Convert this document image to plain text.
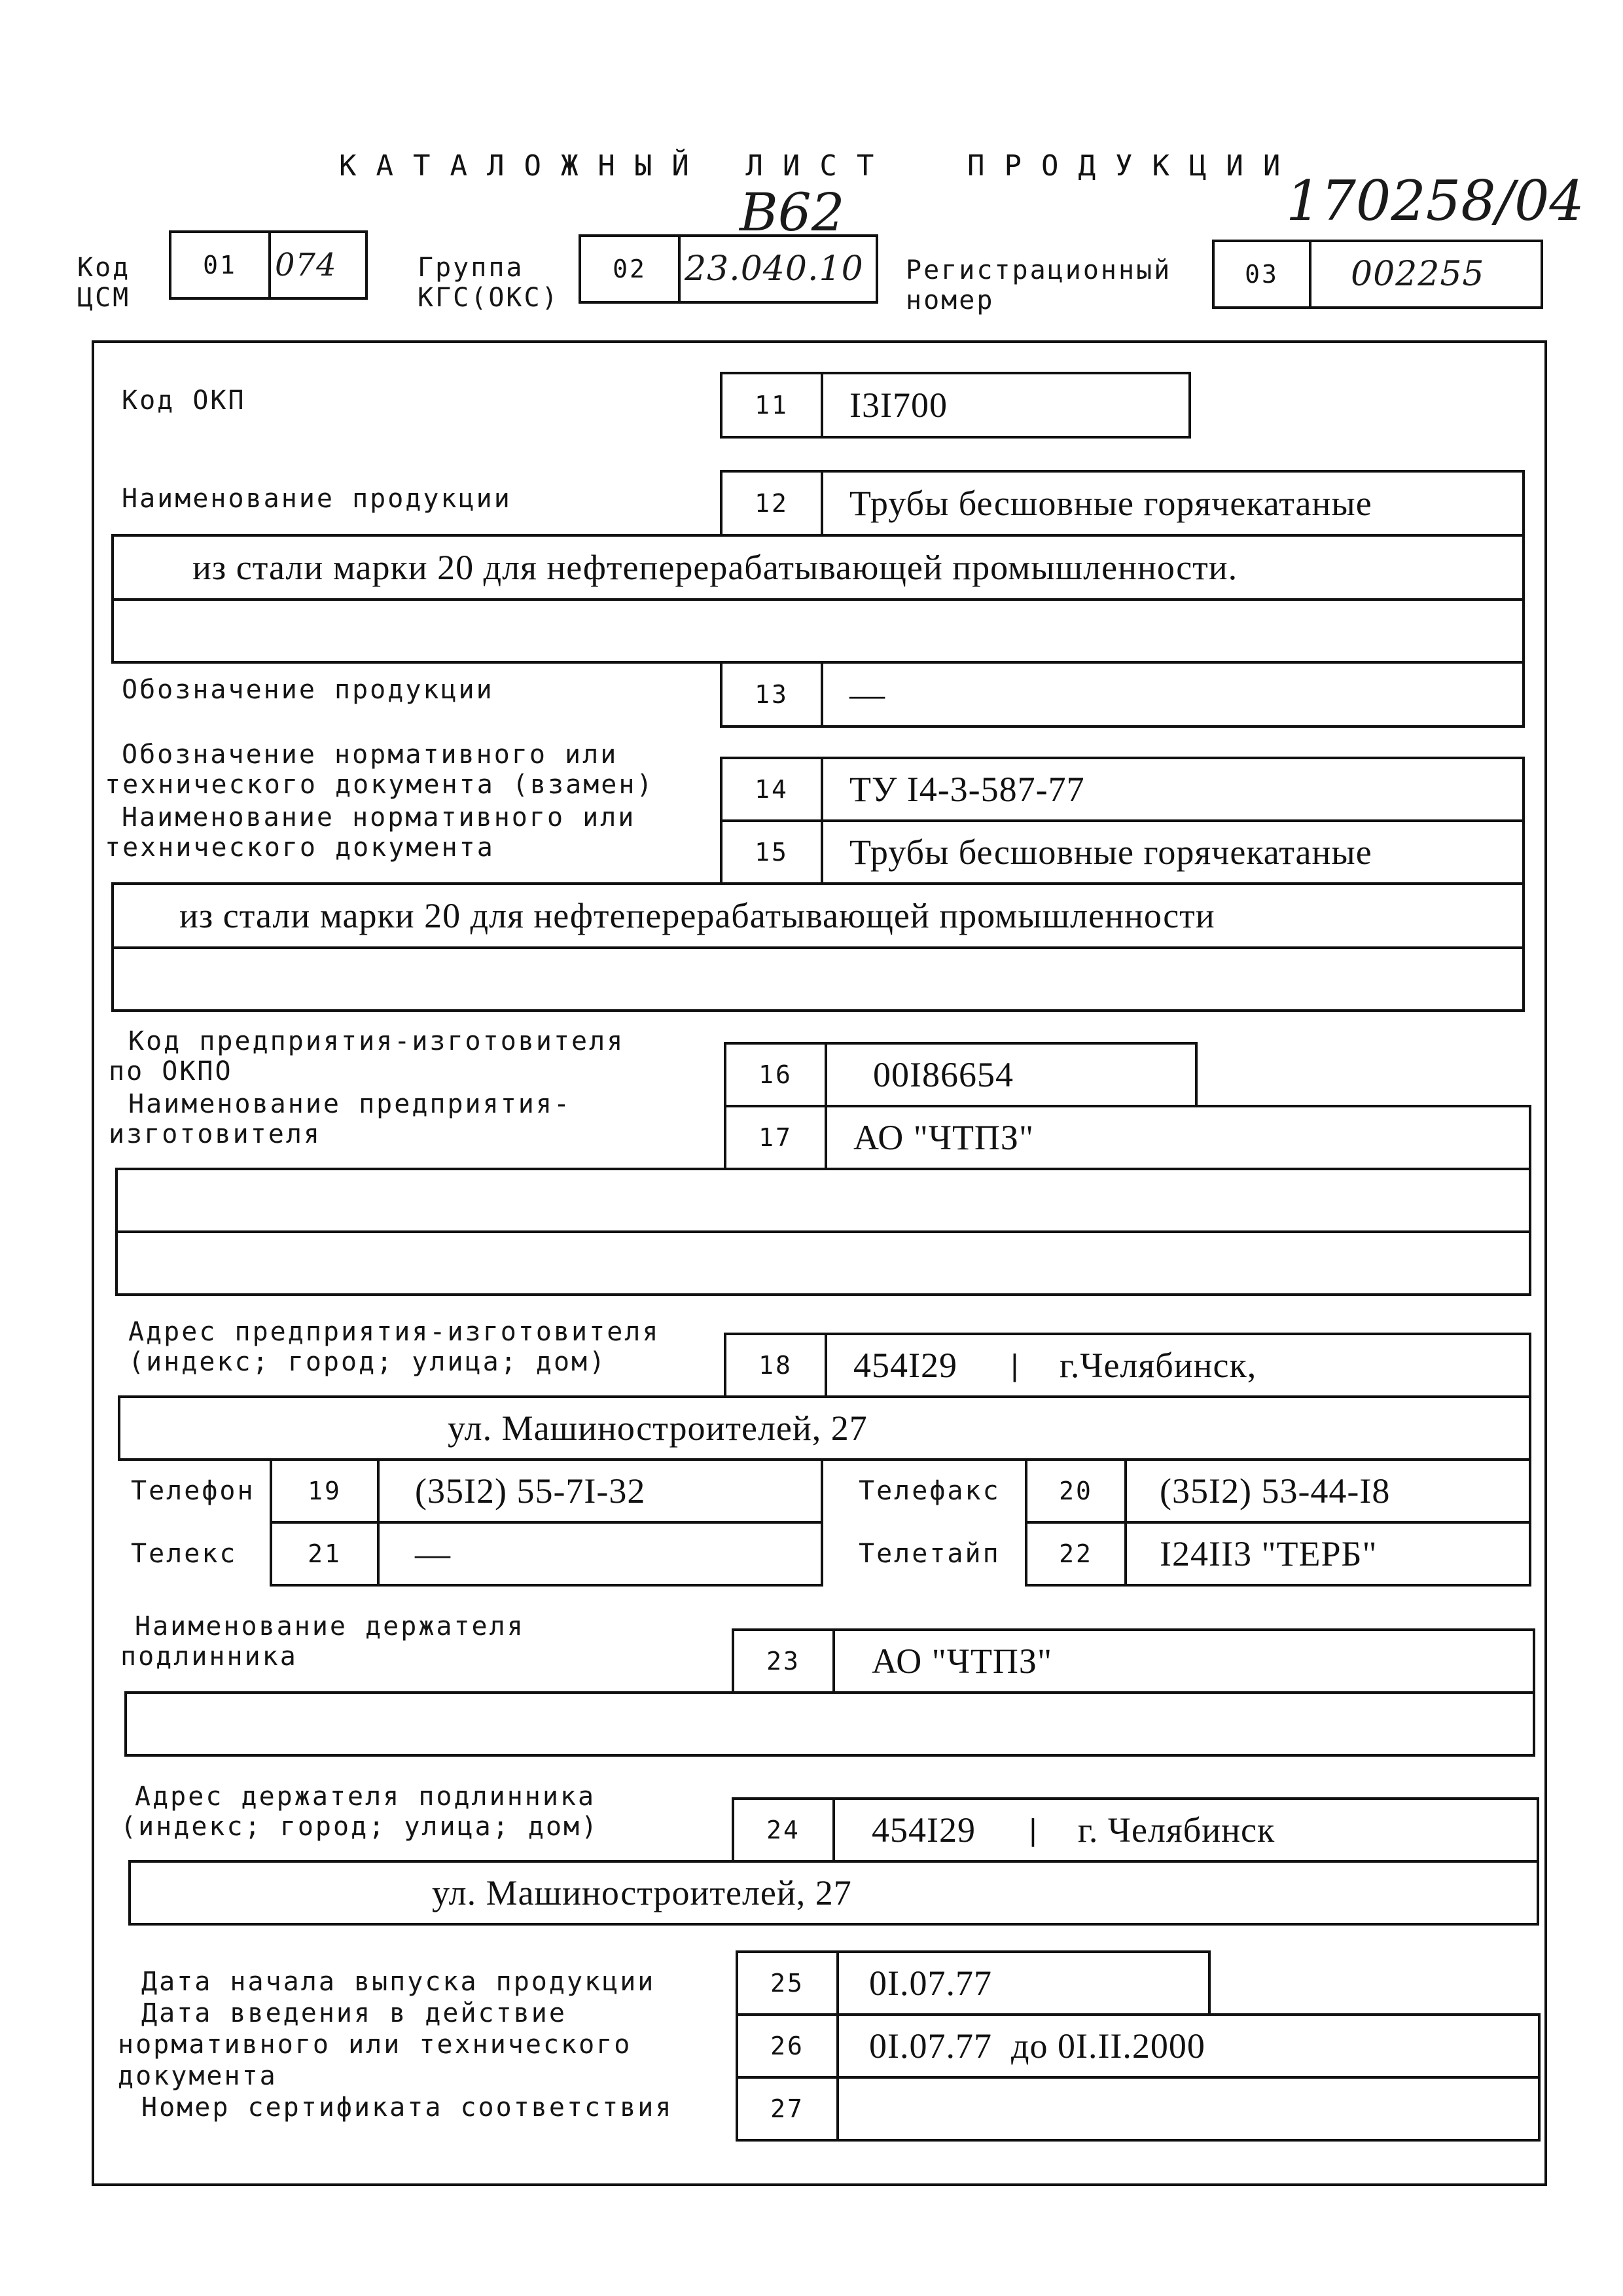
КАТАЛОЖНЫЙ ЛИСТ	ПРОДУКЦИИ
В62	170258/04
Код
ЦСМ
01	074	Группа
КГС(ОКС)
02	23.040.10	Регистрационный
номер
03	002255
Код ОКП	11	I3I700
Наименование продукции	12	Трубы бесшовные горячекатаные
из стали марки 20 для нефтеперерабатывающей промышленности.
Обозначение продукции	13	—
Обозначение нормативного или
технического документа (взамен)	14	ТУ I4-3-587-77
Наименование нормативного или
технического документа	15	Трубы бесшовные горячекатаные
из стали марки 20 для нефтеперерабатывающей промышленности
Код предприятия-изготовителя
по ОКПО	16	00I86654
Наименование предприятия-
изготовителя	17	АО "ЧТПЗ"
Адрес предприятия-изготовителя
(индекс; город; улица; дом)	18	454I29 | г.Челябинск,
ул. Машиностроителей, 27
Телефон	19	(35I2) 55-7I-32	Телефакс	20	(35I2) 53-44-I8
Телекс	21	—	Телетайп	22	I24II3 "ТЕРБ"
Наименование держателя
подлинника	23	АО "ЧТПЗ"
Адрес держателя подлинника
(индекс; город; улица; дом)	24	454I29 | г. Челябинск
ул. Машиностроителей, 27
Дата начала выпуска продукции	25	0I.07.77
Дата введения в действие
нормативного или технического
документа
26	0I.07.77  до 0I.II.2000
Номер сертификата соответствия	27
